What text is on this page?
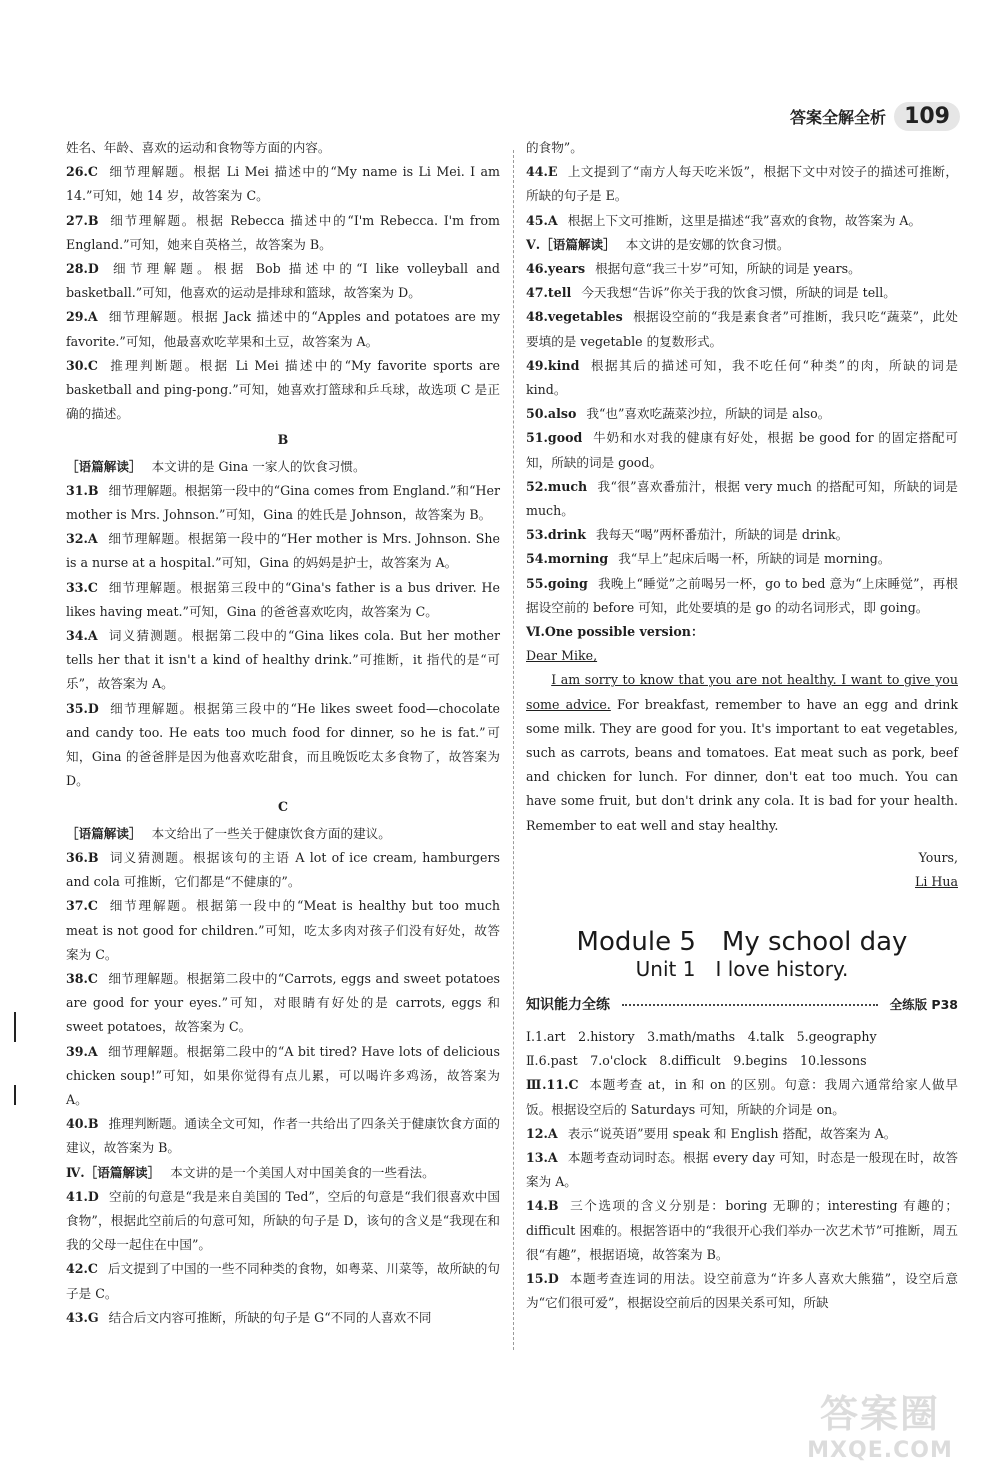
答案全解全析 109

姓名、年龄、喜欢的运动和食物等方面的内容。

26.C 细节理解题。根据 Li Mei 描述中的“My name is Li Mei. I am 14.”可知，她 14 岁，故答案为 C。

27.B 细节理解题。根据 Rebecca 描述中的“I'm Rebecca. I'm from England.”可知，她来自英格兰，故答案为 B。

28.D 细节理解题。根据 Bob 描述中的“I like volleyball and basketball.”可知，他喜欢的运动是排球和篮球，故答案为 D。

29.A 细节理解题。根据 Jack 描述中的“Apples and potatoes are my favorite.”可知，他最喜欢吃苹果和土豆，故答案为 A。

30.C 推理判断题。根据 Li Mei 描述中的“My favorite sports are basketball and ping-pong.”可知，她喜欢打篮球和乒乓球，故选项 C 是正确的描述。

B

［语篇解读］ 本文讲的是 Gina 一家人的饮食习惯。

31.B 细节理解题。根据第一段中的“Gina comes from England.”和“Her mother is Mrs. Johnson.”可知，Gina 的姓氏是 Johnson，故答案为 B。

32.A 细节理解题。根据第一段中的“Her mother is Mrs. Johnson. She is a nurse at a hospital.”可知，Gina 的妈妈是护士，故答案为 A。

33.C 细节理解题。根据第三段中的“Gina's father is a bus driver. He likes having meat.”可知，Gina 的爸爸喜欢吃肉，故答案为 C。

34.A 词义猜测题。根据第二段中的“Gina likes cola. But her mother tells her that it isn't a kind of healthy drink.”可推断，it 指代的是“可乐”，故答案为 A。

35.D 细节理解题。根据第三段中的“He likes sweet food—chocolate and candy too. He eats too much food for dinner, so he is fat.”可知，Gina 的爸爸胖是因为他喜欢吃甜食，而且晚饭吃太多食物了，故答案为 D。

C

［语篇解读］ 本文给出了一些关于健康饮食方面的建议。

36.B 词义猜测题。根据该句的主语 A lot of ice cream, hamburgers and cola 可推断，它们都是“不健康的”。

37.C 细节理解题。根据第一段中的“Meat is healthy but too much meat is not good for children.”可知，吃太多肉对孩子们没有好处，故答案为 C。

38.C 细节理解题。根据第二段中的“Carrots, eggs and sweet potatoes are good for your eyes.”可知，对眼睛有好处的是 carrots, eggs 和 sweet potatoes，故答案为 C。

39.A 细节理解题。根据第二段中的“A bit tired? Have lots of delicious chicken soup!”可知，如果你觉得有点儿累，可以喝许多鸡汤，故答案为 A。

40.B 推理判断题。通读全文可知，作者一共给出了四条关于健康饮食方面的建议，故答案为 B。

Ⅳ.［语篇解读］ 本文讲的是一个美国人对中国美食的一些看法。

41.D 空前的句意是“我是来自美国的 Ted”，空后的句意是“我们很喜欢中国食物”，根据此空前后的句意可知，所缺的句子是 D，该句的含义是“我现在和我的父母一起住在中国”。

42.C 后文提到了中国的一些不同种类的食物，如粤菜、川菜等，故所缺的句子是 C。

43.G 结合后文内容可推断，所缺的句子是 G“不同的人喜欢不同

的食物”。

44.E 上文提到了“南方人每天吃米饭”，根据下文中对饺子的描述可推断，所缺的句子是 E。

45.A 根据上下文可推断，这里是描述“我”喜欢的食物，故答案为 A。

Ⅴ.［语篇解读］ 本文讲的是安娜的饮食习惯。

46.years 根据句意“我三十岁”可知，所缺的词是 years。

47.tell 今天我想“告诉”你关于我的饮食习惯，所缺的词是 tell。

48.vegetables 根据设空前的“我是素食者”可推断，我只吃“蔬菜”，此处要填的是 vegetable 的复数形式。

49.kind 根据其后的描述可知，我不吃任何“种类”的肉，所缺的词是 kind。

50.also 我“也”喜欢吃蔬菜沙拉，所缺的词是 also。

51.good 牛奶和水对我的健康有好处，根据 be good for 的固定搭配可知，所缺的词是 good。

52.much 我“很”喜欢番茄汁，根据 very much 的搭配可知，所缺的词是 much。

53.drink 我每天“喝”两杯番茄汁，所缺的词是 drink。

54.morning 我“早上”起床后喝一杯，所缺的词是 morning。

55.going 我晚上“睡觉”之前喝另一杯，go to bed 意为“上床睡觉”，再根据设空前的 before 可知，此处要填的是 go 的动名词形式，即 going。

Ⅵ.One possible version：

Dear Mike,

I am sorry to know that you are not healthy. I want to give you some advice. For breakfast, remember to have an egg and drink some milk. They are good for you. It's important to eat vegetables, such as carrots, beans and tomatoes. Eat meat such as pork, beef and chicken for lunch. For dinner, don't eat too much. You can have some fruit, but don't drink any cola. It is bad for your health. Remember to eat well and stay healthy.

Yours,

Li Hua

Module 5　My school day
Unit 1　I love history.
知识能力全练	全练版 P38

Ⅰ.1.art　2.history　3.math/maths　4.talk　5.geography

Ⅱ.6.past　7.o'clock　8.difficult　9.begins　10.lessons

Ⅲ.11.C 本题考查 at，in 和 on 的区别。句意：我周六通常给家人做早饭。根据设空后的 Saturdays 可知，所缺的介词是 on。

12.A 表示“说英语”要用 speak 和 English 搭配，故答案为 A。

13.A 本题考查动词时态。根据 every day 可知，时态是一般现在时，故答案为 A。

14.B 三个选项的含义分别是：boring 无聊的；interesting 有趣的；difficult 困难的。根据答语中的“我很开心我们举办一次艺术节”可推断，周五很“有趣”，根据语境，故答案为 B。

15.D 本题考查连词的用法。设空前意为“许多人喜欢大熊猫”，设空后意为“它们很可爱”，根据设空前后的因果关系可知，所缺

答案圈
MXQE.COM
